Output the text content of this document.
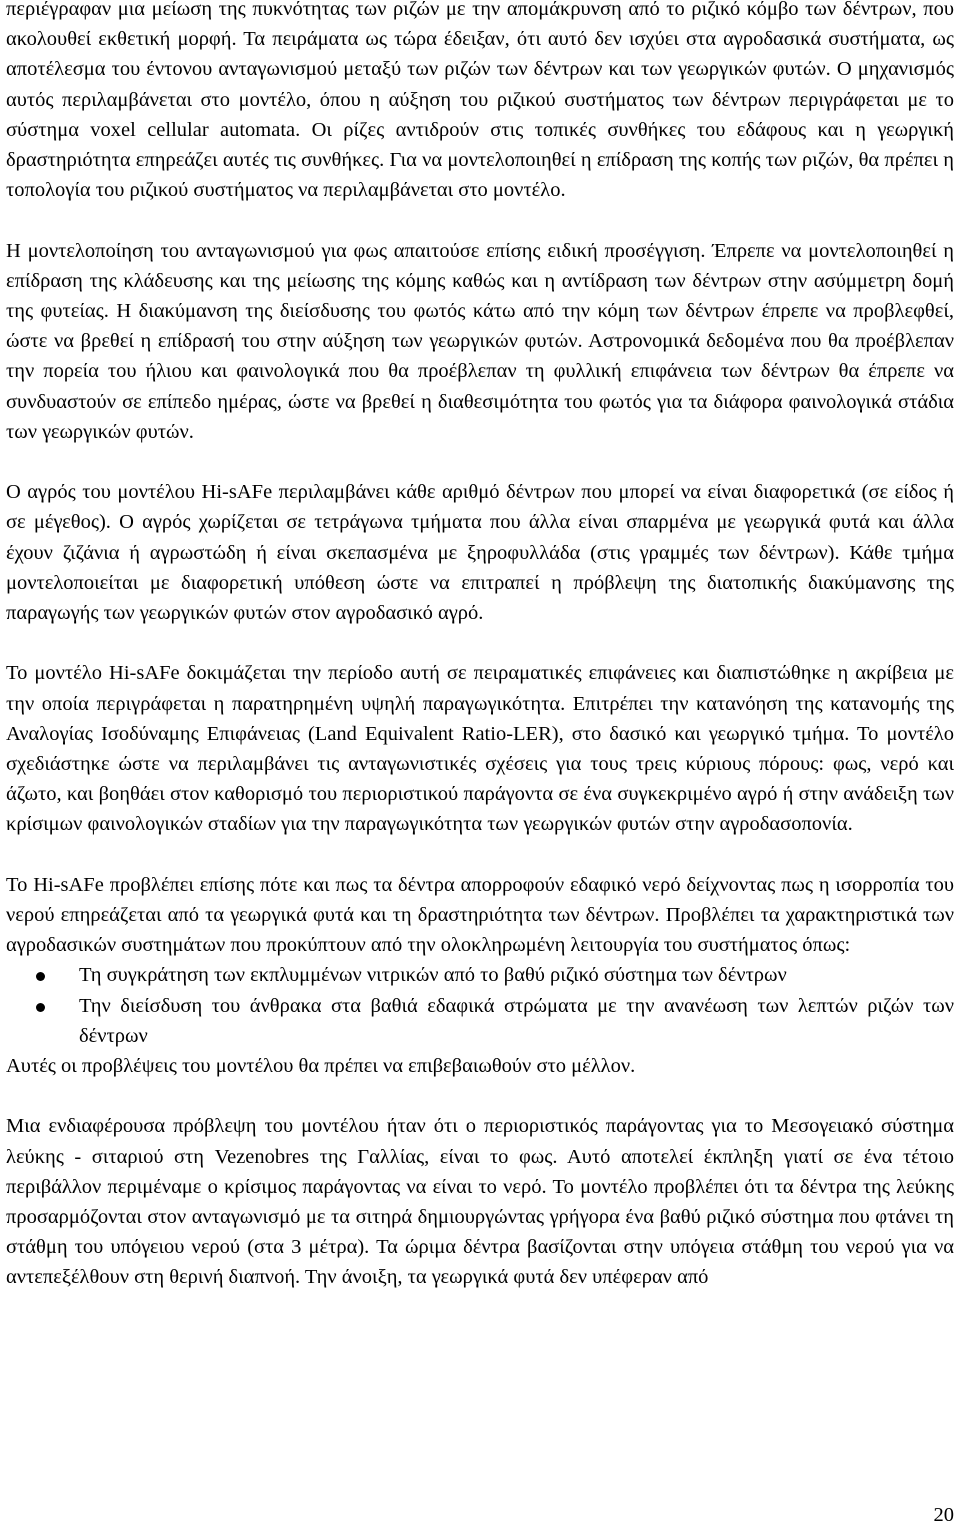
περιέγραφαν μια μείωση της πυκνότητας των ριζών με την απομάκρυνση από το ριζικό κόμβο των δέντρων, που ακολουθεί εκθετική μορφή. Τα πειράματα ως τώρα έδειξαν, ότι αυτό δεν ισχύει στα αγροδασικά συστήματα, ως αποτέλεσμα του έντονου ανταγωνισμού μεταξύ των ριζών των δέντρων και των γεωργικών φυτών. Ο μηχανισμός αυτός περιλαμβάνεται στο μοντέλο, όπου η αύξηση του ριζικού συστήματος των δέντρων περιγράφεται με το σύστημα voxel cellular automata. Οι ρίζες αντιδρούν στις τοπικές συνθήκες του εδάφους και η γεωργική δραστηριότητα επηρεάζει αυτές τις συνθήκες. Για να μοντελοποιηθεί η επίδραση της κοπής των ριζών, θα πρέπει η τοπολογία του ριζικού συστήματος να περιλαμβάνεται στο μοντέλο.

Η μοντελοποίηση του ανταγωνισμού για φως απαιτούσε επίσης ειδική προσέγγιση. Έπρεπε να μοντελοποιηθεί η επίδραση της κλάδευσης και της μείωσης της κόμης καθώς και η αντίδραση των δέντρων στην ασύμμετρη δομή της φυτείας. Η διακύμανση της διείσδυσης του φωτός κάτω από την κόμη των δέντρων έπρεπε να προβλεφθεί, ώστε να βρεθεί η επίδρασή του στην αύξηση των γεωργικών φυτών. Αστρονομικά δεδομένα που θα προέβλεπαν την πορεία του ήλιου και φαινολογικά που θα προέβλεπαν τη φυλλική επιφάνεια των δέντρων θα έπρεπε να συνδυαστούν σε επίπεδο ημέρας, ώστε να βρεθεί η διαθεσιμότητα του φωτός για τα διάφορα φαινολογικά στάδια των γεωργικών φυτών.

Ο αγρός του μοντέλου Hi-sAFe περιλαμβάνει κάθε αριθμό δέντρων που μπορεί να είναι διαφορετικά (σε είδος ή σε μέγεθος). Ο αγρός χωρίζεται σε τετράγωνα τμήματα που άλλα είναι σπαρμένα με γεωργικά φυτά και άλλα έχουν ζιζάνια ή αγρωστώδη ή είναι σκεπασμένα με ξηροφυλλάδα (στις γραμμές των δέντρων). Κάθε τμήμα μοντελοποιείται με διαφορετική υπόθεση ώστε να επιτραπεί η πρόβλεψη της διατοπικής διακύμανσης της παραγωγής των γεωργικών φυτών στον αγροδασικό αγρό.

Το μοντέλο Hi-sAFe δοκιμάζεται την περίοδο αυτή σε πειραματικές επιφάνειες και διαπιστώθηκε η ακρίβεια με την οποία περιγράφεται η παρατηρημένη υψηλή παραγωγικότητα. Επιτρέπει την κατανόηση της κατανομής της Αναλογίας Ισοδύναμης Επιφάνειας (Land Equivalent Ratio-LER), στο δασικό και γεωργικό τμήμα. Το μοντέλο σχεδιάστηκε ώστε να περιλαμβάνει τις ανταγωνιστικές σχέσεις για τους τρεις κύριους πόρους: φως, νερό και άζωτο, και βοηθάει στον καθορισμό του περιοριστικού παράγοντα σε ένα συγκεκριμένο αγρό ή στην ανάδειξη των κρίσιμων φαινολογικών σταδίων για την παραγωγικότητα των γεωργικών φυτών στην αγροδασοπονία.

Το Hi-sAFe προβλέπει επίσης πότε και πως τα δέντρα απορροφούν εδαφικό νερό δείχνοντας πως η ισορροπία του νερού επηρεάζεται από τα γεωργικά φυτά και τη δραστηριότητα των δέντρων. Προβλέπει τα χαρακτηριστικά των αγροδασικών συστημάτων που προκύπτουν από την ολοκληρωμένη λειτουργία του συστήματος όπως:

Τη συγκράτηση των εκπλυμμένων νιτρικών από το βαθύ ριζικό σύστημα των δέντρων
Την διείσδυση του άνθρακα στα βαθιά εδαφικά στρώματα με την ανανέωση των λεπτών ριζών των δέντρων

Αυτές οι προβλέψεις του μοντέλου θα πρέπει να επιβεβαιωθούν στο μέλλον.

Μια ενδιαφέρουσα πρόβλεψη του μοντέλου ήταν ότι ο περιοριστικός παράγοντας για το Μεσογειακό σύστημα λεύκης - σιταριού στη Vezenobres της Γαλλίας, είναι το φως. Αυτό αποτελεί έκπληξη γιατί σε ένα τέτοιο περιβάλλον περιμέναμε ο κρίσιμος παράγοντας να είναι το νερό. Το μοντέλο προβλέπει ότι τα δέντρα της λεύκης προσαρμόζονται στον ανταγωνισμό με τα σιτηρά δημιουργώντας γρήγορα ένα βαθύ ριζικό σύστημα που φτάνει τη στάθμη του υπόγειου νερού (στα 3 μέτρα). Τα ώριμα δέντρα βασίζονται στην υπόγεια στάθμη του νερού για να αντεπεξέλθουν στη θερινή διαπνοή. Την άνοιξη, τα γεωργικά φυτά δεν υπέφεραν από

20
